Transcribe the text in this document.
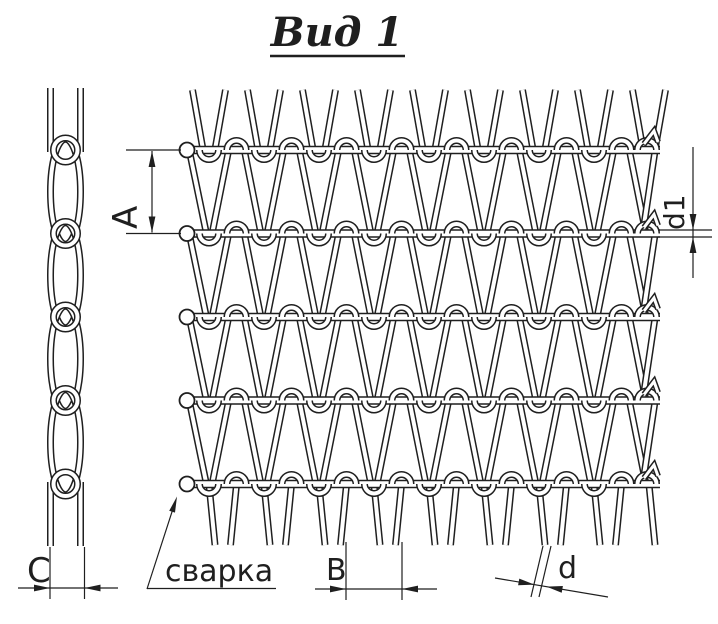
A	d1
C	B	d
сварка
Вид 1
